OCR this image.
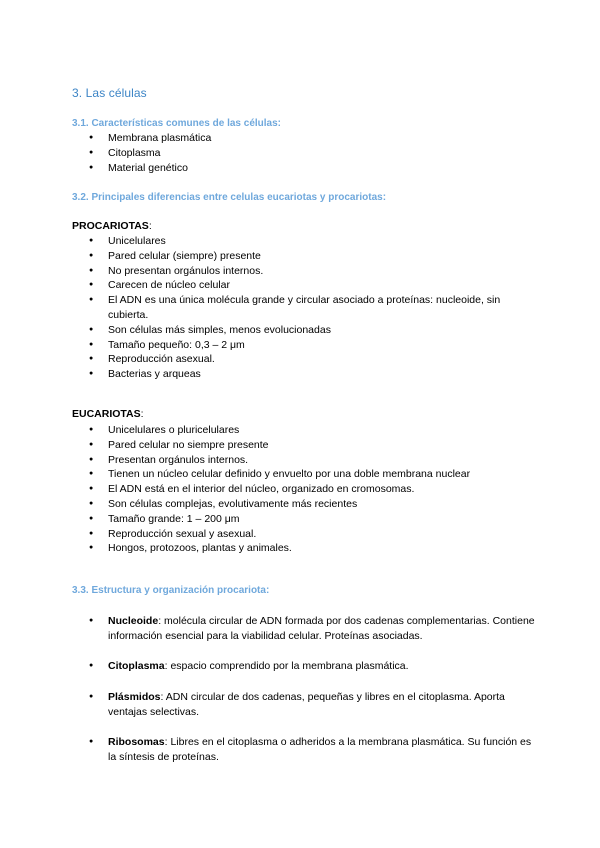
3. Las células
3.1. Características comunes de las células:
● Membrana plasmática
● Citoplasma
● Material genético
3.2. Principales diferencias entre celulas eucariotas y procariotas:
PROCARIOTAS:
● Unicelulares
● Pared celular (siempre) presente
● No presentan orgánulos internos.
● Carecen de núcleo celular
● El ADN es una única molécula grande y circular asociado a proteínas: nucleoide, sin cubierta.
● Son células más simples, menos evolucionadas
● Tamaño pequeño: 0,3 – 2 μm
● Reproducción asexual.
● Bacterias y arqueas
EUCARIOTAS:
● Unicelulares o pluricelulares
● Pared celular no siempre presente
● Presentan orgánulos internos.
● Tienen un núcleo celular definido y envuelto por una doble membrana nuclear
● El ADN está en el interior del núcleo, organizado en cromosomas.
● Son células complejas, evolutivamente más recientes
● Tamaño grande: 1 – 200 μm
● Reproducción sexual y asexual.
● Hongos, protozoos, plantas y animales.
3.3. Estructura y organización procariota:
● Nucleoide: molécula circular de ADN formada por dos cadenas complementarias. Contiene información esencial para la viabilidad celular. Proteínas asociadas.
● Citoplasma: espacio comprendido por la membrana plasmática.
● Plásmidos: ADN circular de dos cadenas, pequeñas y libres en el citoplasma. Aporta ventajas selectivas.
● Ribosomas: Libres en el citoplasma o adheridos a la membrana plasmática. Su función es la síntesis de proteínas.
